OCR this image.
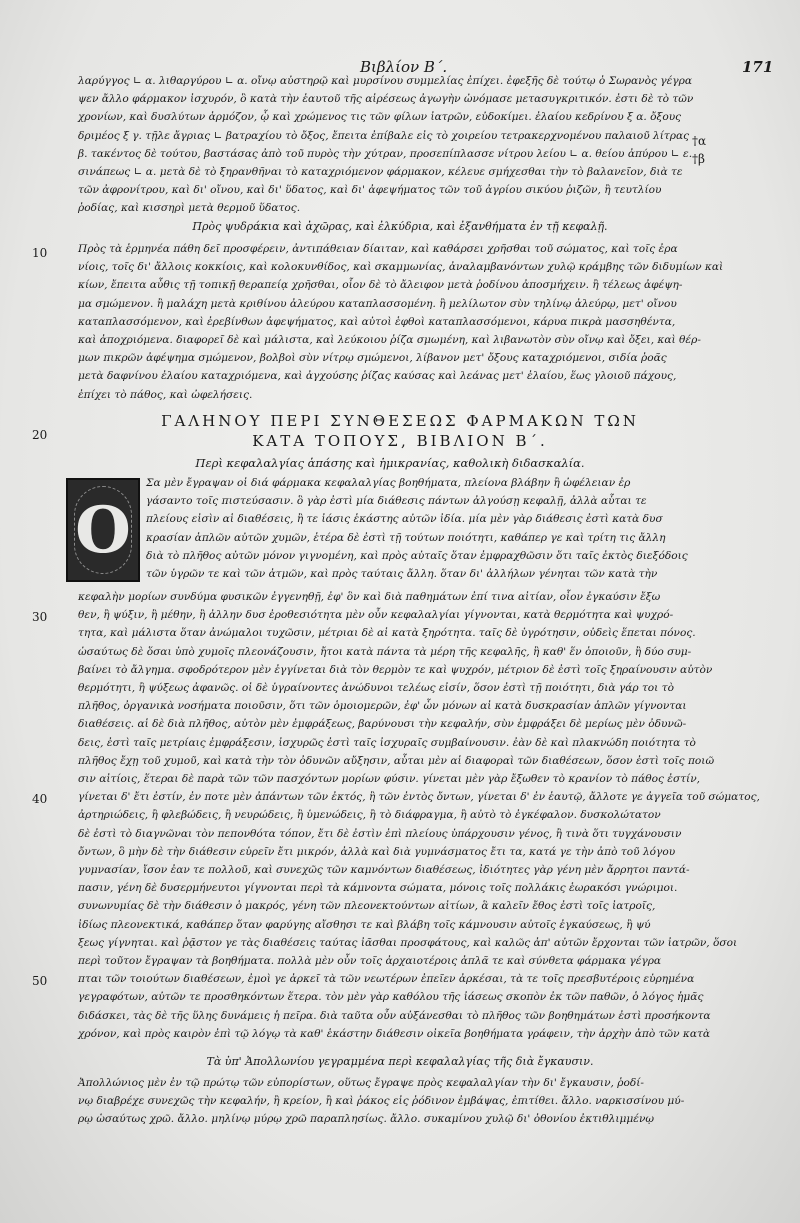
Βιβλίον Β΄.	171
†α
†β
λαρύγγος ∟ α. λιθαργύρου ∟ α. οἴνῳ αὐστηρῷ καὶ μυρσίνου συμμελίας ἐπίχει. ἐφεξῆς δὲ τούτῳ ὁ Σωρανὸς γέγρα
ψεν ἄλλο φάρμακον ἰσχυρόν, ὃ κατὰ τὴν ἑαυτοῦ τῆς αἱρέσεως ἀγωγὴν ὠνόμασε μετασυγκριτικόν. ἐστι δὲ τὸ τῶν
χρονίων, καὶ δυσλύτων ἁρμόζον, ᾧ καὶ χρώμενος τις τῶν φίλων ἰατρῶν, εὐδοκίμει. ἐλαίου κεδρίνου ξ α. ὄξους
δριμέος ξ γ. τῇλε ἄγριας ∟ βατραχίου τὸ ὄξος, ἔπειτα ἐπίβαλε εἰς τὸ χοιρείου τετρακερχνομένου παλαιοῦ λίτρας
β. τακέντος δὲ τούτου, βαστάσας ἀπὸ τοῦ πυρὸς τὴν χύτραν, προσεπίπλασσε νίτρου λείου ∟ α. θείου ἀπύρου ∟ ε.
σινάπεως ∟ α. μετὰ δὲ τὸ ξηρανθῆναι τὸ καταχριόμενον φάρμακον, κέλευε σμήχεσθαι τὴν τὸ βαλανεῖον, διὰ τε
τῶν ἀφρονίτρου, καὶ δι' οἴνου, καὶ δι' ὕδατος, καὶ δι' ἀφεψήματος τῶν τοῦ ἀγρίου σικύου ῥιζῶν, ἢ τευτλίου
ῥοδίας, καὶ κισσηρὶ μετὰ θερμοῦ ὕδατος.
Πρὸς ψυδράκια καὶ ἀχῶρας, καὶ ἐλκύδρια, καὶ ἐξανθήματα ἐν τῇ κεφαλῇ.
10	Πρὸς τὰ ἑρμηνέα πάθη δεῖ προσφέρειν, ἀντιπάθειαν δίαιταν, καὶ καθάρσει χρῆσθαι τοῦ σώματος, καὶ τοῖς ἐρα
νίοις, τοῖς δι' ἄλλοις κοκκίοις, καὶ κολοκυνθίδος, καὶ σκαμμωνίας, ἀναλαμβανόντων χυλῷ κράμβης τῶν διδυμίων καὶ
κίων, ἔπειτα αὖθις τῇ τοπικῇ θεραπείᾳ χρῆσθαι, οἷον δὲ τὸ ἄλειφον μετὰ ῥοδίνου ἀποσμήχειν. ἢ τέλεως ἀφέψη-
μα σμώμενον. ἢ μαλάχη μετὰ κριθίνου ἀλεύρου καταπλασσομένη. ἢ μελίλωτον σὺν τηλίνῳ ἀλεύρῳ, μετ' οἴνου
καταπλασσόμενον, καὶ ἐρεβίνθων ἀφεψήματος, καὶ αὐτοὶ ἑφθοὶ καταπλασσόμενοι, κάρυα πικρὰ μασσηθέντα,
καὶ ἀποχριόμενα. διαφορεῖ δὲ καὶ μάλιστα, καὶ λεύκοιου ῥίζα σμωμένη, καὶ λιβανωτὸν σὺν οἴνῳ καὶ ὄξει, καὶ θέρ-
μων πικρῶν ἀφέψημα σμώμενον, βολβοὶ σὺν νίτρῳ σμώμενοι, λίβανον μετ' ὄξους καταχριόμενοι, σιδία ῥοᾶς
μετὰ δαφνίνου ἐλαίου καταχριόμενα, καὶ ἀγχούσης ῥίζας καύσας καὶ λεάνας μετ' ἐλαίου, ἕως γλοιοῦ πάχους,
ἐπίχει τὸ πάθος, καὶ ὠφελήσεις.
20
ΓΑΛΗΝΟΥ ΠΕΡΙ ΣΥΝΘΕΣΕΩΣ ΦΑΡΜΑΚΩΝ ΤΩΝ
ΚΑΤΑ ΤΟΠΟΥΣ, ΒΙΒΛΙΟΝ Β΄.
Περὶ κεφαλαλγίας ἁπάσης καὶ ἡμικρανίας, καθολικὴ διδασκαλία.
Ο
Σα μὲν ἔγραψαν οἱ διά φάρμακα κεφαλαλγίας βοηθήματα, πλείονα βλάβην ἢ ὠφέλειαν ἐρ
γάσαντο τοῖς πιστεύσασιν. ὃ γὰρ ἐστὶ μία διάθεσις πάντων ἀλγούσῃ κεφαλῇ, ἀλλὰ αὗται τε
πλείους εἰσὶν αἱ διαθέσεις, ἢ τε ἰάσις ἑκάστης αὐτῶν ἰδία. μία μὲν γὰρ διάθεσις ἐστὶ κατὰ δυσ
κρασίαν ἁπλῶν αὐτῶν χυμῶν, ἑτέρα δὲ ἐστὶ τῇ τούτων ποιότητι, καθάπερ γε καὶ τρίτη τις ἄλλη
διὰ τὸ πλῆθος αὐτῶν μόνον γιγνομένη, καὶ πρὸς αὐταῖς ὅταν ἐμφραχθῶσιν ὅτι ταῖς ἐκτὸς διεξόδοις
τῶν ὑγρῶν τε καὶ τῶν ἀτμῶν, καὶ πρὸς ταύταις ἄλλη. ὅταν δι' ἀλλήλων γένηται τῶν κατὰ τὴν
30
40
50
κεφαλὴν μορίων συνδύμα φυσικῶν ἐγγενηθῇ, ἐφ' ὃν καὶ διὰ παθημάτων ἐπί τινα αἰτίαν, οἷον ἐγκαύσιν ἔξω
θεν, ἢ ψύξιν, ἢ μέθην, ἢ ἀλλην δυσ ἐροθεσιότητα μὲν οὖν κεφαλαλγίαι γίγνονται, κατὰ θερμότητα καὶ ψυχρό-
τητα, καὶ μάλιστα ὅταν ἀνώμαλοι τυχῶσιν, μέτριαι δὲ αἱ κατὰ ξηρότητα. ταῖς δὲ ὑγρότησιν, οὐδεὶς ἕπεται πόνος.
ὡσαύτως δὲ ὅσαι ὑπὸ χυμοῖς πλεονάζουσιν, ἤτοι κατὰ πάντα τὰ μέρη τῆς κεφαλῆς, ἢ καθ' ἕν ὁποιοῦν, ἢ δύο συμ-
βαίνει τὸ ἄλγημα. σφοδρότερον μὲν ἐγγίνεται διὰ τὸν θερμὸν τε καὶ ψυχρόν, μέτριον δὲ ἐστὶ τοῖς ξηραίνουσιν αὐτὸν
θερμότητι, ἢ ψύξεως ἀφανῶς. οἱ δὲ ὑγραίνοντες ἀνώδυνοι τελέως εἰσίν, ὅσον ἐστὶ τῇ ποιότητι, διὰ γάρ τοι τὸ
πλῆθος, ὀργανικὰ νοσήματα ποιοῦσιν, ὅτι τῶν ὁμοιομερῶν, ἐφ' ὧν μόνων αἱ κατὰ δυσκρασίαν ἁπλῶν γίγνονται
διαθέσεις. αἱ δὲ διὰ πλῆθος, αὐτὸν μὲν ἐμφράξεως, βαρύνουσι τὴν κεφαλήν, σὺν ἐμφράξει δὲ μερίως μὲν ὀδυνῶ-
δεις, ἐστὶ ταῖς μετρίαις ἐμφράξεσιν, ἰσχυρῶς ἐστὶ ταῖς ἰσχυραῖς συμβαίνουσιν. ἐὰν δὲ καὶ πλακνώδη ποιότητα τὸ
πλῆθος ἔχῃ τοῦ χυμοῦ, καὶ κατὰ τὴν τὸν ὀδυνῶν αὔξησιν, αὗται μὲν αἱ διαφοραὶ τῶν διαθέσεων, ὅσον ἐστὶ τοῖς ποιῶ
σιν αἰτίοις, ἕτεραι δὲ παρὰ τῶν τῶν πασχόντων μορίων φύσιν. γίνεται μὲν γὰρ ἔξωθεν τὸ κρανίον τὸ πάθος ἐστίν,
γίνεται δ' ἔτι ἐστίν, ἐν ποτε μὲν ἀπάντων τῶν ἐκτός, ἢ τῶν ἐντὸς ὄντων, γίνεται δ' ἐν ἑαυτῷ, ἄλλοτε γε ἀγγεῖα τοῦ σώματος,
ἀρτηριώδεις, ἢ φλεβώδεις, ἢ νευρώδεις, ἢ ὑμενώδεις, ἢ τὸ διάφραγμα, ἢ αὐτὸ τὸ ἐγκέφαλον. δυσκολώτατον
δὲ ἐστὶ τὸ διαγνῶναι τὸν πεπονθότα τόπον, ἔτι δὲ ἐστὶν ἐπὶ πλείους ὑπάρχουσιν γένος, ἢ τινὰ ὅτι τυγχάνουσιν
ὄντων, ὃ μὴν δὲ τὴν διάθεσιν εὑρεῖν ἔτι μικρόν, ἀλλὰ καὶ διὰ γυμνάσματος ἔτι τα, κατά γε τὴν ἀπὸ τοῦ λόγου
γυμνασίαν, ἴσον ἐαν τε πολλοῦ, καὶ συνεχῶς τῶν καμνόντων διαθέσεως, ἰδιότητες γὰρ γένη μὲν ἄρρητοι παντά-
πασιν, γένη δὲ δυσερμήνευτοι γίγνονται περὶ τὰ κάμνοντα σώματα, μόνοις τοῖς πολλάκις ἑωρακόσι γνώριμοι.
συνωνυμίας δὲ τὴν διάθεσιν ὁ μακρός, γένη τῶν πλεονεκτούντων αἰτίων, ἃ καλεῖν ἔθος ἐστὶ τοῖς ἰατροῖς,
ἰδίως πλεονεκτικά, καθάπερ ὅταν φαρύγης αἴσθησι τε καὶ βλάβη τοῖς κάμνουσιν αὐτοῖς ἐγκαύσεως, ἢ ψύ
ξεως γίγνηται. καὶ ῥᾷστον γε τὰς διαθέσεις ταύτας ἰᾶσθαι προσφάτους, καὶ καλῶς ἀπ' αὐτῶν ἔρχονται τῶν ἰατρῶν, ὅσοι
περὶ τοῦτον ἔγραψαν τὰ βοηθήματα. πολλὰ μὲν οὖν τοῖς ἀρχαιοτέροις ἁπλᾶ τε καὶ σύνθετα φάρμακα γέγρα
πται τῶν τοιούτων διαθέσεων, ἐμοὶ γε ἀρκεῖ τὰ τῶν νεωτέρων ἐπεῖεν ἀρκέσαι, τὰ τε τοῖς πρεσβυτέροις εὑρημένα
γεγραφότων, αὐτῶν τε προσθηκόντων ἕτερα. τὸν μὲν γὰρ καθόλου τῆς ἰάσεως σκοπὸν ἐκ τῶν παθῶν, ὁ λόγος ἡμᾶς
διδάσκει, τὰς δὲ τῆς ὕλης δυνάμεις ἡ πεῖρα. διὰ ταῦτα οὖν αὐξάνεσθαι τὸ πλῆθος τῶν βοηθημάτων ἐστὶ προσήκοντα
χρόνον, καὶ πρὸς καιρὸν ἐπὶ τῷ λόγῳ τὰ καθ' ἑκάστην διάθεσιν οἰκεῖα βοηθήματα γράφειν, τὴν ἀρχὴν ἀπὸ τῶν κατὰ
Τὰ ὑπ' Ἀπολλωνίου γεγραμμένα περὶ κεφαλαλγίας τῆς διὰ ἔγκαυσιν.
Ἀπολλώνιος μὲν ἐν τῷ πρώτῳ τῶν εὐπορίστων, οὕτως ἔγραψε πρὸς κεφαλαλγίαν τὴν δι' ἔγκαυσιν, ῥοδί-
νῳ διαβρέχε συνεχῶς τὴν κεφαλήν, ἢ κρείον, ἢ καὶ ῥάκος εἰς ῥόδινον ἐμβάψας, ἐπιτίθει. ἄλλο. ναρκισσίνου μύ-
ρῳ ὡσαύτως χρῶ. ἄλλο. μηλίνῳ μύρῳ χρῶ παραπλησίως. ἄλλο. συκαμίνου χυλῷ δι' ὀθονίου ἐκτιθλιμμένῳ
